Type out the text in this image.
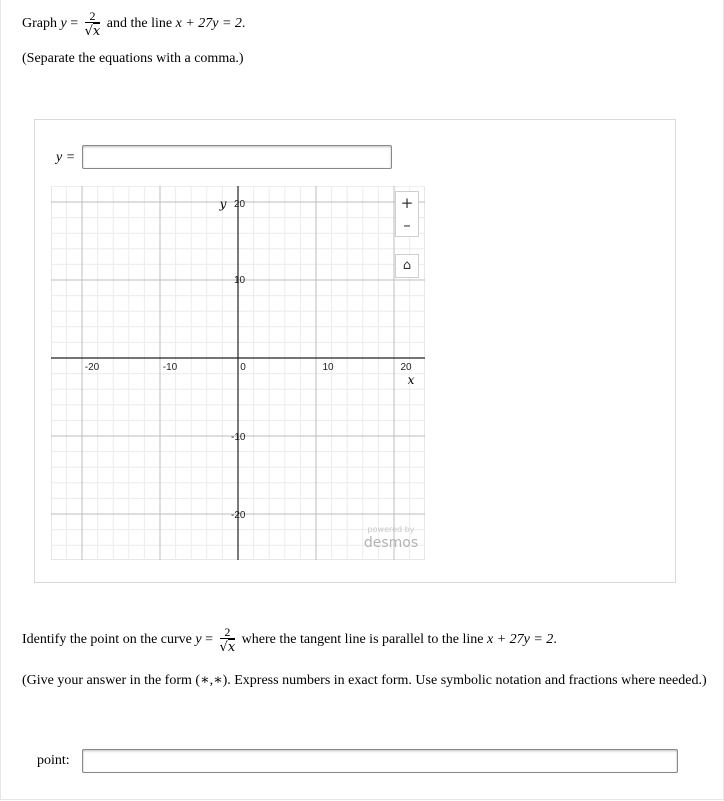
Graph $y = \frac{2}{√x}$ and the line x + 27y = 2.
(Separate the equations with a comma.)
y =
-20	-10	0	10	20
x
20
10
-10
-20
y
powered by
desmos
+
–
⌂
Identify the point on the curve $y = \frac{2}{√x}$ where the tangent line is parallel to the line x + 27y = 2.
(Give your answer in the form (∗,∗). Express numbers in exact form. Use symbolic notation and fractions where needed.)
point:
